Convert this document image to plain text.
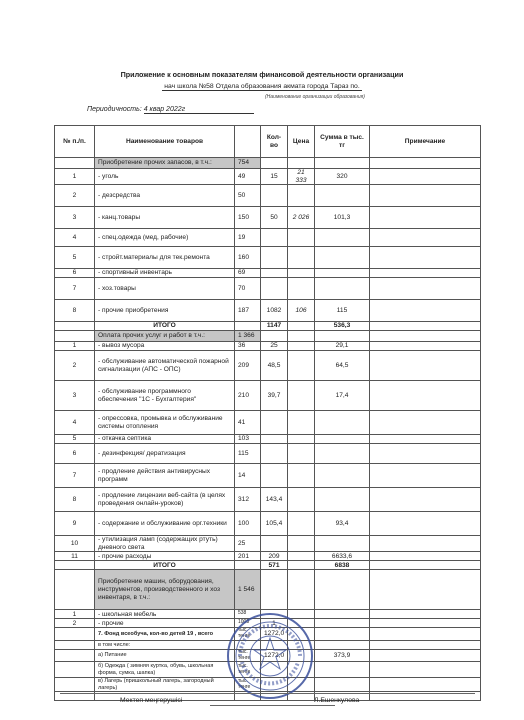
Приложение к основным показателям финансовой деятельности организации
нач школа №58 Отдела образования акмата города Тараз по.
(Наименование организации образования)
Периодичность: 4 квар 2022г
№ п./п.	Наименование товаров		Кол-во	Цена	Сумма в тыс. тг	Примечание
	Приобретение прочих запасов, в т.ч.:	754				
1	- уголь	49	15	21 333	320	
2	- дезсредства	50				
3	- канц.товары	150	50	2 026	101,3	
4	- спец.одежда (мед, рабочие)	19				
5	- стройт.материалы для тек.ремонта	160				
6	- спортивный инвентарь	69				
7	- хоз.товары	70				
8	- прочие приобретения	187	1082	106	115	
	ИТОГО		1147		536,3	
	Оплата прочих услуг и работ в т.ч.:	1 366				
1	- вывоз мусора	36	25		29,1	
2	- обслуживание автоматической пожарной сигнализации (АПС - ОПС)	209	48,5		64,5	
3	- обслуживание программного обеспечения "1С - Бухгалтерия"	210	39,7		17,4	
4	- опрессовка, промывка и обслуживание системы отопления	41				
5	- откачка септика	103				
6	- дезинфекция/ дератизация	115				
7	- продление действия антивирусных программ	14				
8	- продление лицензии веб-сайта (в целях проведения онлайн-уроков)	312	143,4			
9	- содержание и обслуживание орг.техники	100	105,4		93,4	
10	- утилизация ламп (содержащих ртуть) дневного света	25				
11	- прочие расходы	201	209		6633,6	
	ИТОГО		571		6838	
	Приобретение машин, оборудования, инструментов, производственного и хоз инвентаря, в т.ч.:	1 546				
1	- школьная мебель	538				
2	- прочие	1008	1			
	7. Фонд всеобуча, кол-во детей 19 , всего	тыс. тенге	1272,0			
	в том числе:					
	а) Питание	тыс. тенге	1272,0		373,9	
	б) Одежда ( зимняя куртка, обувь, школьная форма, сумка, шапка)	тыс. тенге				
	в) Лагерь (пришкольный лагерь, загородный лагерь)	тыс. тенге				

Мектеп меңгерушісі	Л.Ешенкулова
